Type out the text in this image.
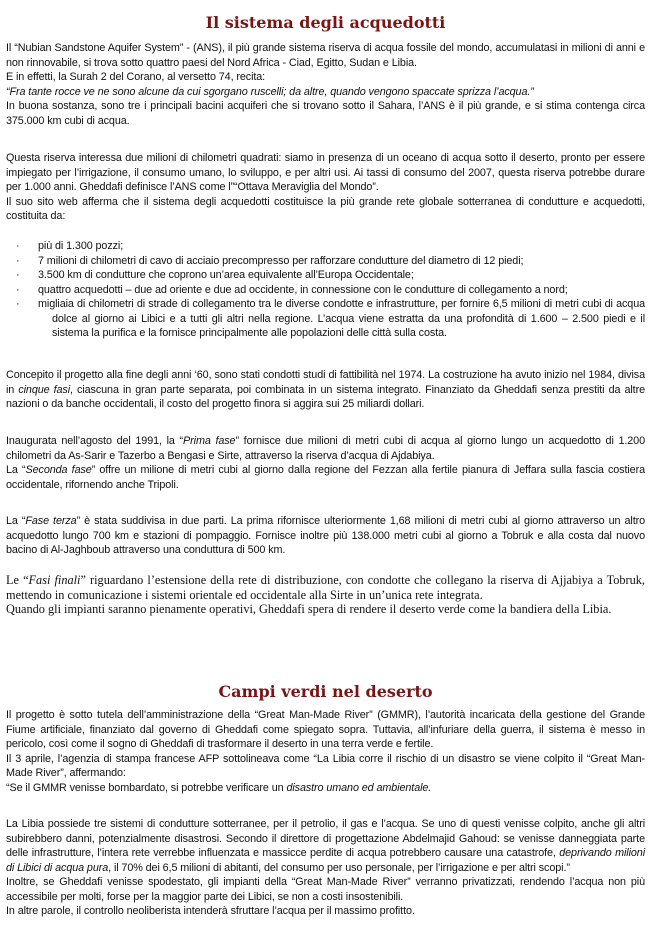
Il sistema degli acquedotti

Il “Nubian Sandstone Aquifer System” - (ANS), il più grande sistema riserva di acqua fossile del mondo, accumulatasi in milioni di anni e non rinnovabile, si trova sotto quattro paesi del Nord Africa - Ciad, Egitto, Sudan e Libia.

E in effetti, la Surah 2 del Corano, al versetto 74, recita:

“Fra tante rocce ve ne sono alcune da cui sgorgano ruscelli; da altre, quando vengono spaccate sprizza l’acqua.”

In buona sostanza, sono tre i principali bacini acquiferi che si trovano sotto il Sahara, l’ANS è il più grande, e si stima contenga circa 375.000 km cubi di acqua.

Questa riserva interessa due milioni di chilometri quadrati: siamo in presenza di un oceano di acqua sotto il deserto, pronto per essere impiegato per l’irrigazione, il consumo umano, lo sviluppo, e per altri usi. Ai tassi di consumo del 2007, questa riserva potrebbe durare per 1.000 anni. Gheddafi definisce l’ANS come l”“Ottava Meraviglia del Mondo”.

Il suo sito web afferma che il sistema degli acquedotti costituisce la più grande rete globale sotterranea di condutture e acquedotti, costituita da:

· più di 1.300 pozzi;
· 7 milioni di chilometri di cavo di acciaio precompresso per rafforzare condutture del diametro di 12 piedi;
· 3.500 km di condutture che coprono un’area equivalente all’Europa Occidentale;
· quattro acquedotti – due ad oriente e due ad occidente, in connessione con le condutture di collegamento a nord;
· migliaia di chilometri di strade di collegamento tra le diverse condotte e infrastrutture, per fornire 6,5 milioni di metri cubi di acqua dolce al giorno ai Libici e a tutti gli altri nella regione. L’acqua viene estratta da una profondità di 1.600 – 2.500 piedi e il sistema la purifica e la fornisce principalmente alle popolazioni delle città sulla costa.

Concepito il progetto alla fine degli anni ‘60, sono stati condotti studi di fattibilità nel 1974. La costruzione ha avuto inizio nel 1984, divisa in cinque fasi, ciascuna in gran parte separata, poi combinata in un sistema integrato. Finanziato da Gheddafi senza prestiti da altre nazioni o da banche occidentali, il costo del progetto finora si aggira sui 25 miliardi dollari.

Inaugurata nell’agosto del 1991, la “Prima fase” fornisce due milioni di metri cubi di acqua al giorno lungo un acquedotto di 1.200 chilometri da As-Sarir e Tazerbo a Bengasi e Sirte, attraverso la riserva d’acqua di Ajdabiya.

La “Seconda fase” offre un milione di metri cubi al giorno dalla regione del Fezzan alla fertile pianura di Jeffara sulla fascia costiera occidentale, rifornendo anche Tripoli.

La “Fase terza” è stata suddivisa in due parti. La prima rifornisce ulteriormente 1,68 milioni di metri cubi al giorno attraverso un altro acquedotto lungo 700 km e stazioni di pompaggio. Fornisce inoltre più 138.000 metri cubi al giorno a Tobruk e alla costa dal nuovo bacino di Al-Jaghboub attraverso una conduttura di 500 km.

Le “Fasi finali” riguardano l’estensione della rete di distribuzione, con condotte che collegano la riserva di Ajjabiya a Tobruk, mettendo in comunicazione i sistemi orientale ed occidentale alla Sirte in un’unica rete integrata.

Quando gli impianti saranno pienamente operativi, Gheddafi spera di rendere il deserto verde come la bandiera della Libia.

Campi verdi nel deserto

Il progetto è sotto tutela dell’amministrazione della “Great Man-Made River” (GMMR), l’autorità incaricata della gestione del Grande Fiume artificiale, finanziato dal governo di Gheddafi come spiegato sopra. Tuttavia, all’infuriare della guerra, il sistema è messo in pericolo, così come il sogno di Gheddafi di trasformare il deserto in una terra verde e fertile.

Il 3 aprile, l’agenzia di stampa francese AFP sottolineava come “La Libia corre il rischio di un disastro se viene colpito il “Great Man-Made River”, affermando:

“Se il GMMR venisse bombardato, si potrebbe verificare un disastro umano ed ambientale.

La Libia possiede tre sistemi di condutture sotterranee, per il petrolio, il gas e l’acqua. Se uno di questi venisse colpito, anche gli altri subirebbero danni, potenzialmente disastrosi. Secondo il direttore di progettazione Abdelmajid Gahoud: se venisse danneggiata parte delle infrastrutture, l’intera rete verrebbe influenzata e massicce perdite di acqua potrebbero causare una catastrofe, deprivando milioni di Libici di acqua pura, il 70% dei 6,5 milioni di abitanti, del consumo per uso personale, per l’irrigazione e per altri scopi.”

Inoltre, se Gheddafi venisse spodestato, gli impianti della “Great Man-Made River” verranno privatizzati, rendendo l’acqua non più accessibile per molti, forse per la maggior parte dei Libici, se non a costi insostenibili.

In altre parole, il controllo neoliberista intenderà sfruttare l’acqua per il massimo profitto.
